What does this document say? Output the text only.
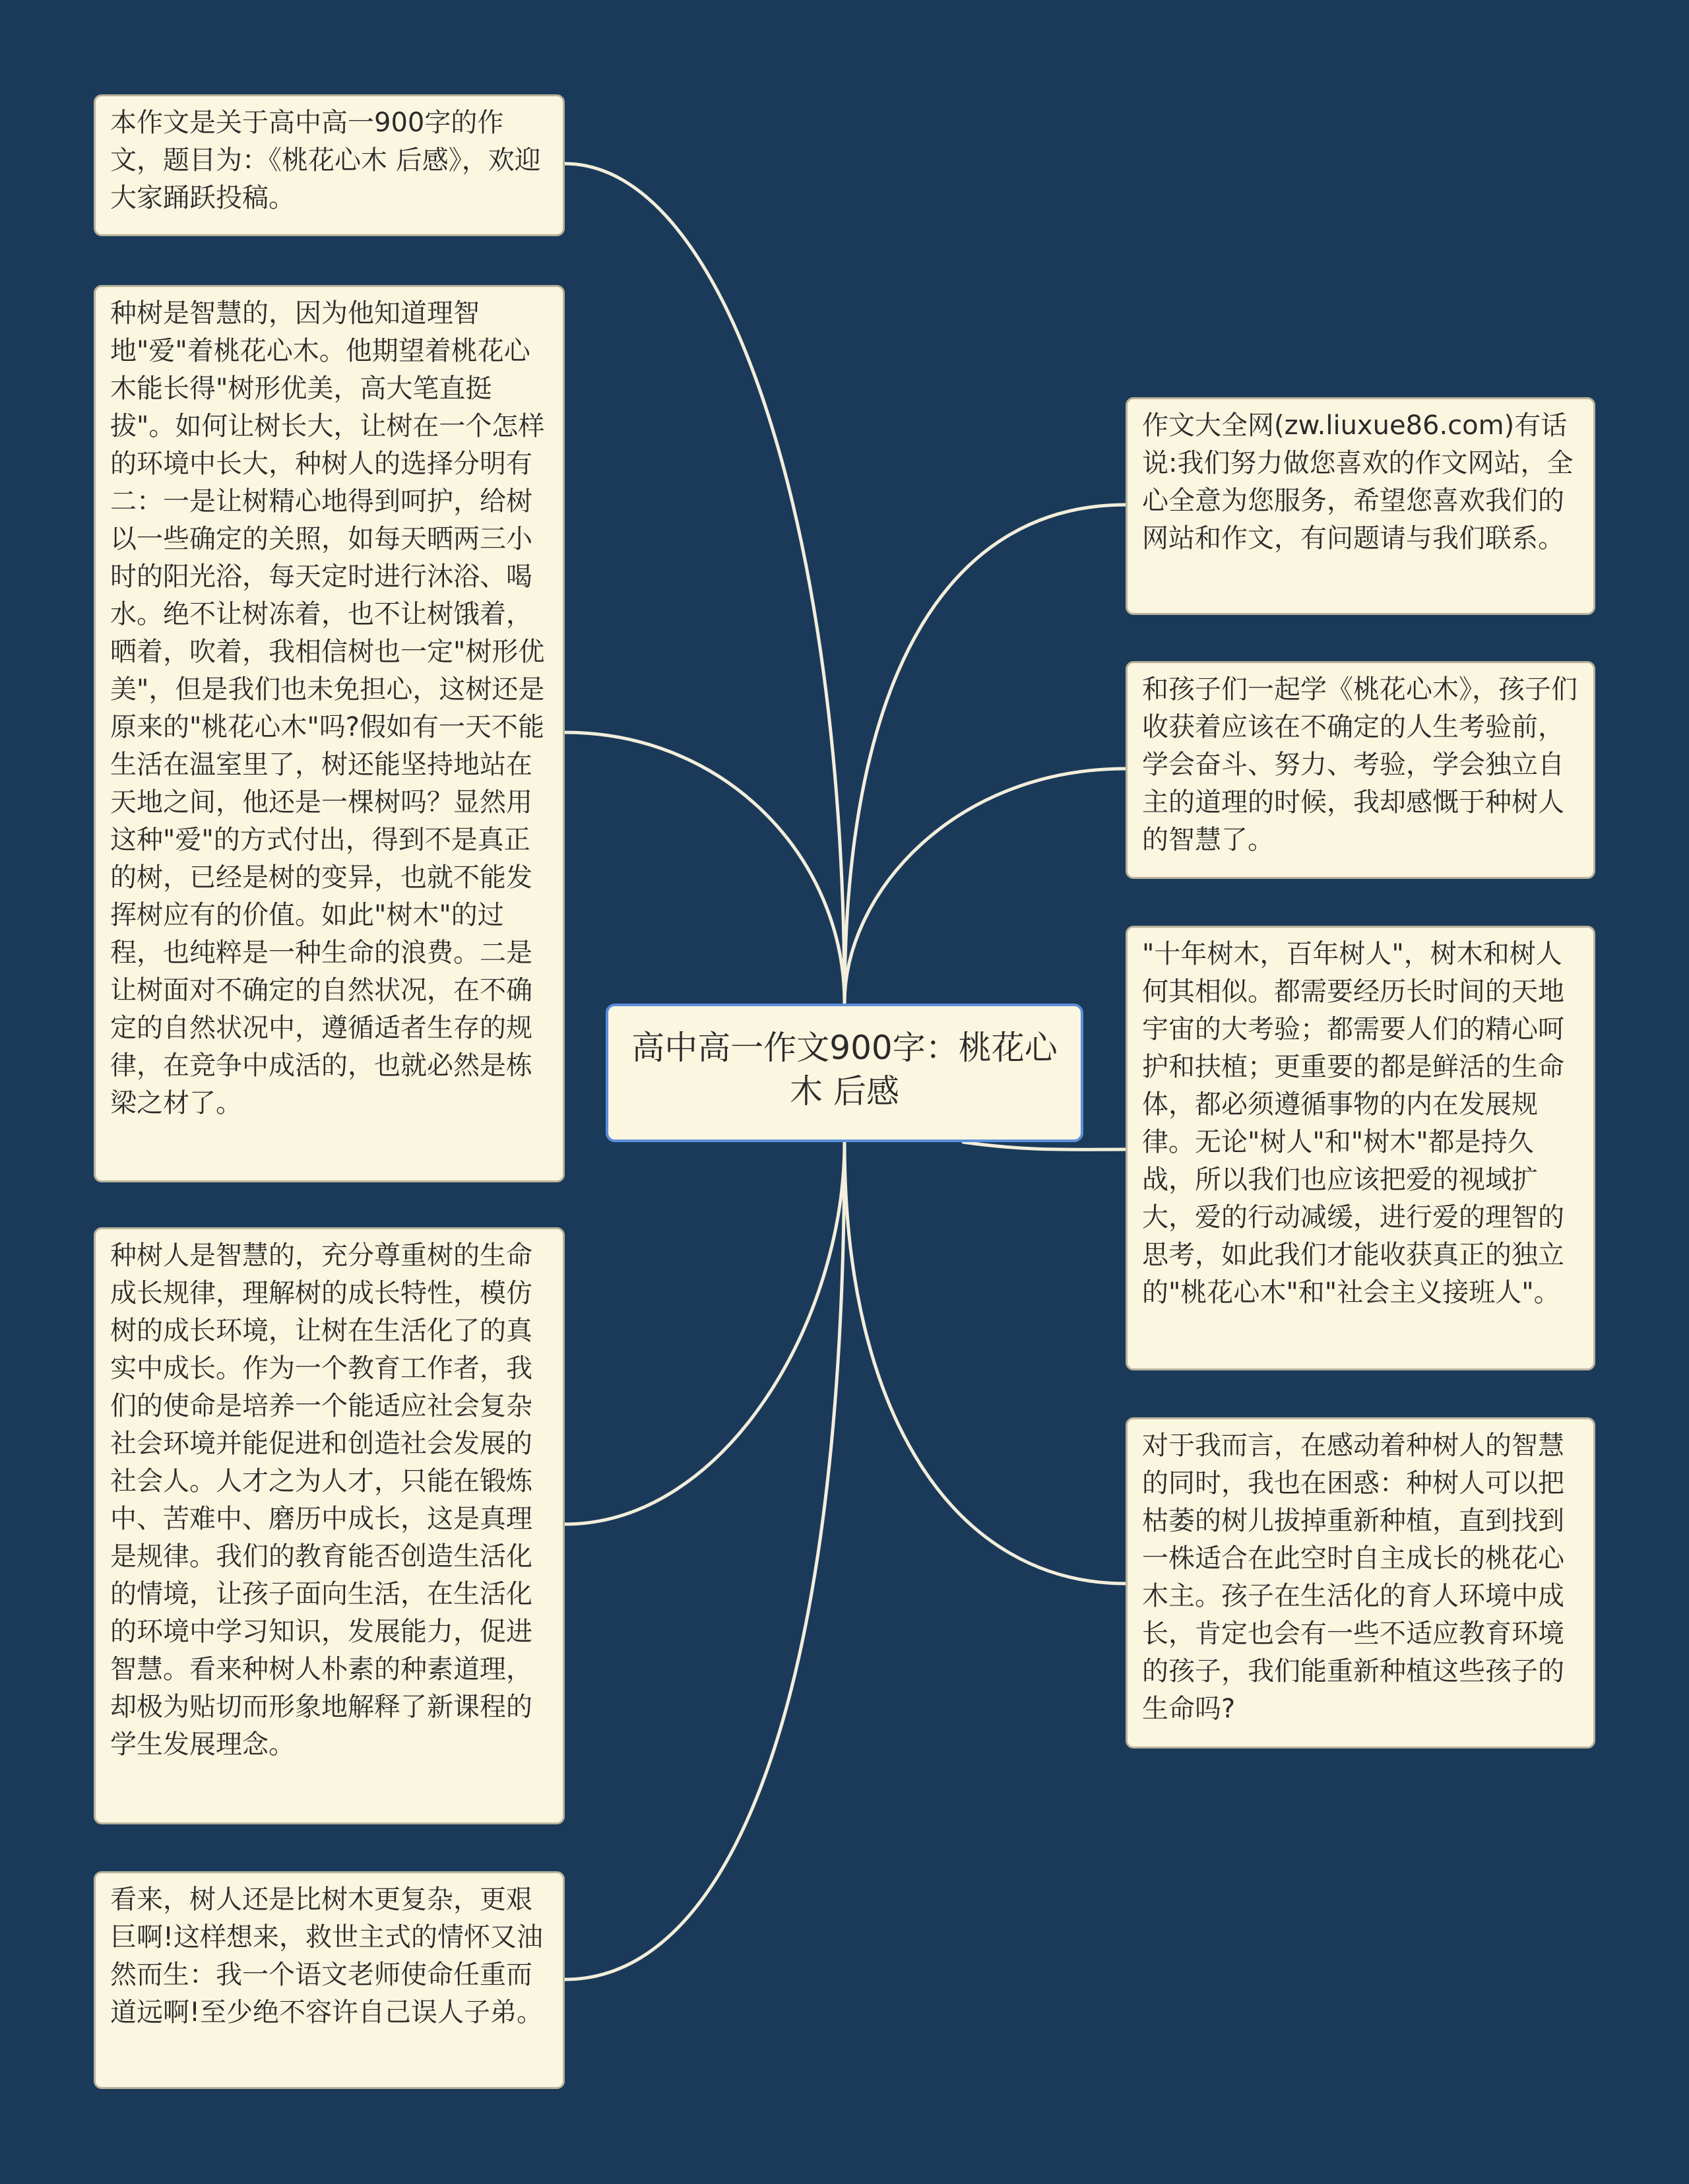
高中高一作文900字：桃花心木 后感
本作文是关于高中高一900字的作文，题目为：《桃花心木 后感》，欢迎大家踊跃投稿。
种树是智慧的，因为他知道理智地"爱"着桃花心木。他期望着桃花心木能长得"树形优美，高大笔直挺拔"。如何让树长大，让树在一个怎样的环境中长大，种树人的选择分明有二：一是让树精心地得到呵护，给树以一些确定的关照，如每天晒两三小时的阳光浴，每天定时进行沐浴、喝水。绝不让树冻着，也不让树饿着，晒着，吹着，我相信树也一定"树形优美"，但是我们也未免担心，这树还是原来的"桃花心木"吗?假如有一天不能生活在温室里了，树还能坚持地站在天地之间，他还是一棵树吗？显然用这种"爱"的方式付出，得到不是真正的树，已经是树的变异，也就不能发挥树应有的价值。如此"树木"的过程，也纯粹是一种生命的浪费。二是让树面对不确定的自然状况，在不确定的自然状况中，遵循适者生存的规律，在竞争中成活的，也就必然是栋梁之材了。
种树人是智慧的，充分尊重树的生命成长规律，理解树的成长特性，模仿树的成长环境，让树在生活化了的真实中成长。作为一个教育工作者，我们的使命是培养一个能适应社会复杂社会环境并能促进和创造社会发展的社会人。人才之为人才，只能在锻炼中、苦难中、磨历中成长，这是真理是规律。我们的教育能否创造生活化的情境，让孩子面向生活，在生活化的环境中学习知识，发展能力，促进智慧。看来种树人朴素的种素道理，却极为贴切而形象地解释了新课程的学生发展理念。
看来，树人还是比树木更复杂，更艰巨啊!这样想来，救世主式的情怀又油然而生：我一个语文老师使命任重而道远啊!至少绝不容许自己误人子弟。
作文大全网(zw.liuxue86.com)有话说:我们努力做您喜欢的作文网站，全心全意为您服务，希望您喜欢我们的网站和作文，有问题请与我们联系。
和孩子们一起学《桃花心木》，孩子们收获着应该在不确定的人生考验前，学会奋斗、努力、考验，学会独立自主的道理的时候，我却感慨于种树人的智慧了。
"十年树木，百年树人"，树木和树人何其相似。都需要经历长时间的天地宇宙的大考验；都需要人们的精心呵护和扶植；更重要的都是鲜活的生命体，都必须遵循事物的内在发展规律。无论"树人"和"树木"都是持久战，所以我们也应该把爱的视域扩大，爱的行动减缓，进行爱的理智的思考，如此我们才能收获真正的独立的"桃花心木"和"社会主义接班人"。
对于我而言，在感动着种树人的智慧的同时，我也在困惑：种树人可以把枯萎的树儿拔掉重新种植，直到找到一株适合在此空时自主成长的桃花心木主。孩子在生活化的育人环境中成长，肯定也会有一些不适应教育环境的孩子，我们能重新种植这些孩子的生命吗?
